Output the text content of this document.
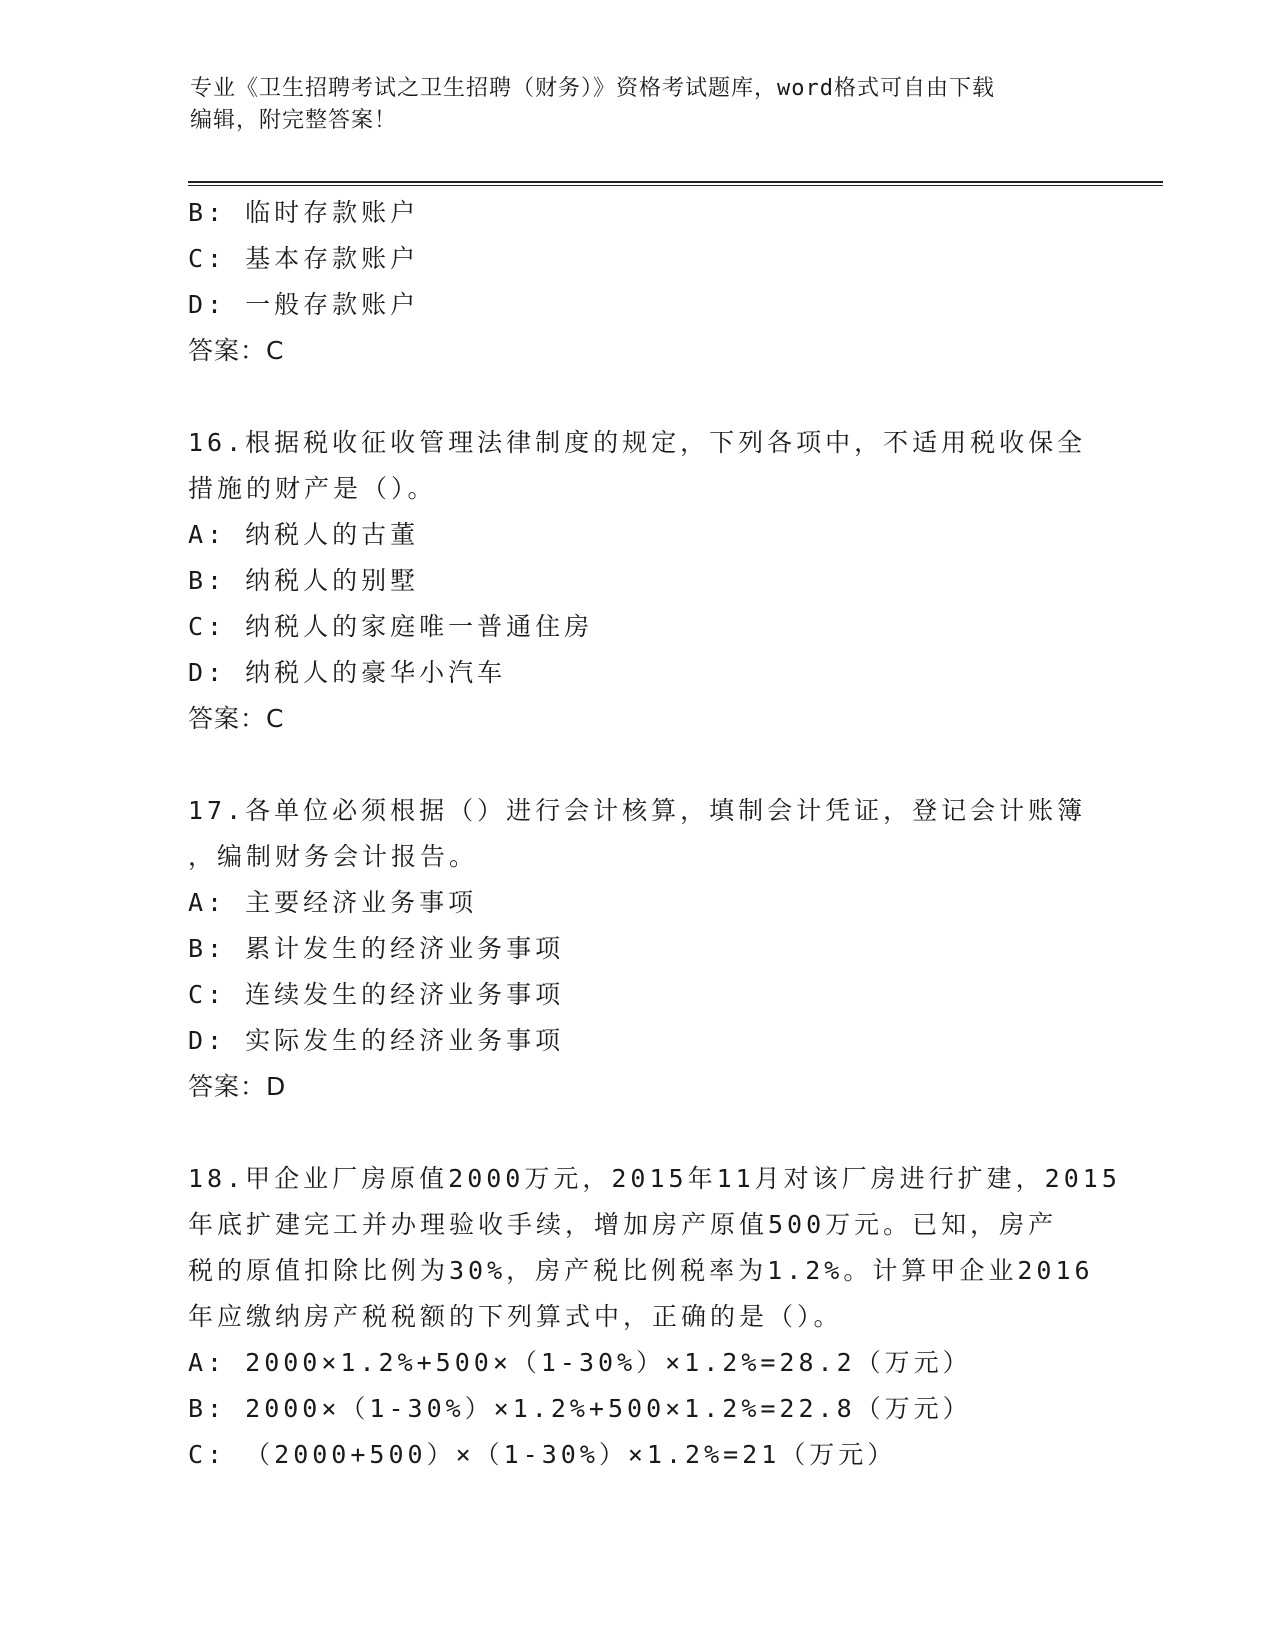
专业《卫生招聘考试之卫生招聘（财务）》资格考试题库，word格式可自由下载
编辑，附完整答案！
B: 临时存款账户
C: 基本存款账户
D: 一般存款账户
答案：C
16.根据税收征收管理法律制度的规定，下列各项中，不适用税收保全
措施的财产是（）。
A: 纳税人的古董
B: 纳税人的别墅
C: 纳税人的家庭唯一普通住房
D: 纳税人的豪华小汽车
答案：C
17.各单位必须根据（）进行会计核算，填制会计凭证，登记会计账簿
，编制财务会计报告。
A: 主要经济业务事项
B: 累计发生的经济业务事项
C: 连续发生的经济业务事项
D: 实际发生的经济业务事项
答案：D
18.甲企业厂房原值2000万元，2015年11月对该厂房进行扩建，2015
年底扩建完工并办理验收手续，增加房产原值500万元。已知，房产
税的原值扣除比例为30%，房产税比例税率为1.2%。计算甲企业2016
年应缴纳房产税税额的下列算式中，正确的是（）。
A: 2000×1.2%+500×（1-30%）×1.2%=28.2（万元）
B: 2000×（1-30%）×1.2%+500×1.2%=22.8（万元）
C: （2000+500）×（1-30%）×1.2%=21（万元）
